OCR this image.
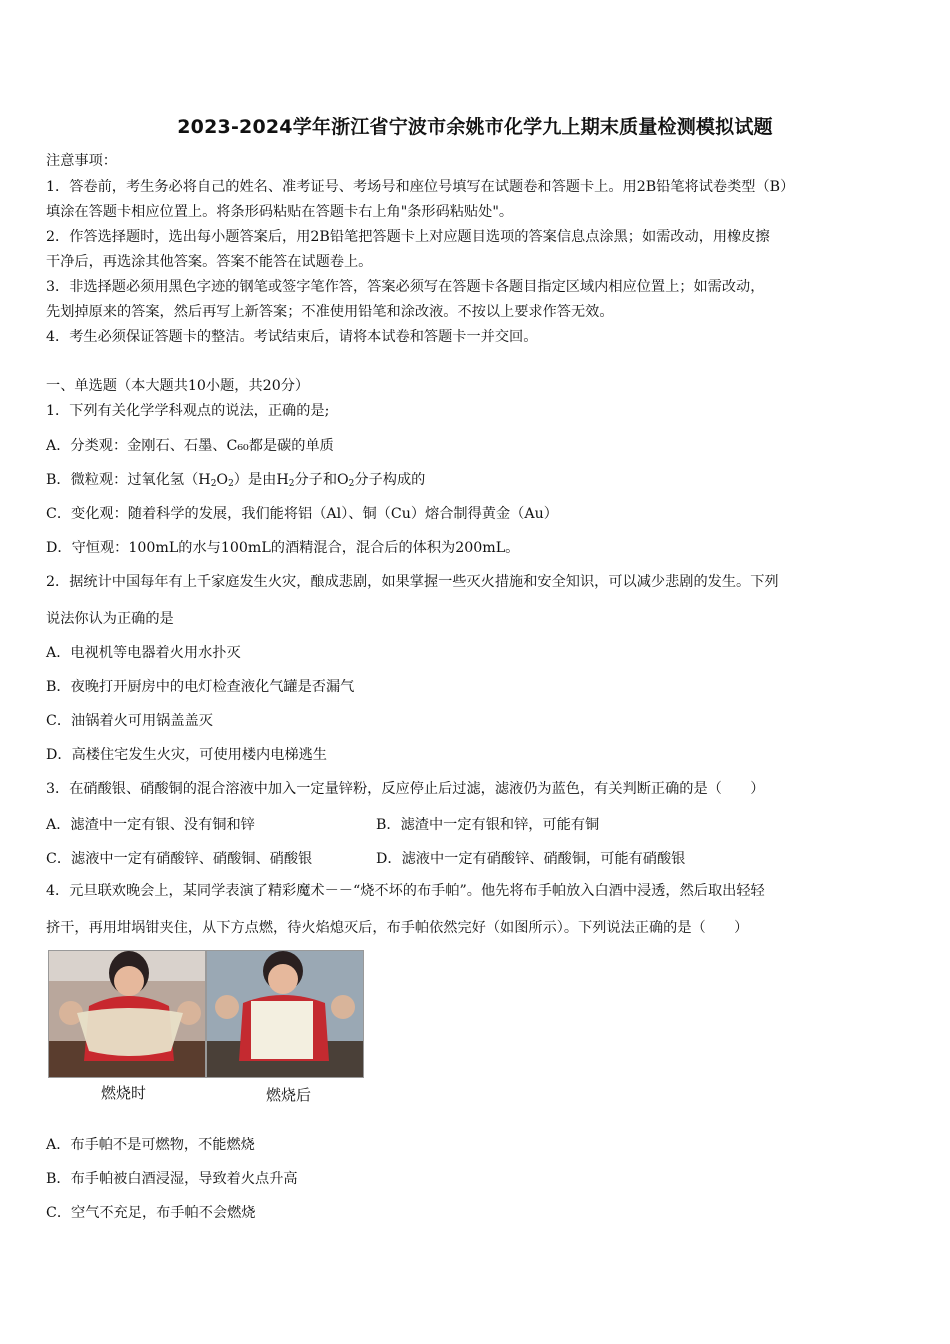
2023-2024学年浙江省宁波市余姚市化学九上期末质量检测模拟试题
注意事项：
1．答卷前，考生务必将自己的姓名、准考证号、考场号和座位号填写在试题卷和答题卡上。用2B铅笔将试卷类型（B）
填涂在答题卡相应位置上。将条形码粘贴在答题卡右上角"条形码粘贴处"。
2．作答选择题时，选出每小题答案后，用2B铅笔把答题卡上对应题目选项的答案信息点涂黑；如需改动，用橡皮擦
干净后，再选涂其他答案。答案不能答在试题卷上。
3．非选择题必须用黑色字迹的钢笔或签字笔作答，答案必须写在答题卡各题目指定区域内相应位置上；如需改动，
先划掉原来的答案，然后再写上新答案；不准使用铅笔和涂改液。不按以上要求作答无效。
4．考生必须保证答题卡的整洁。考试结束后，请将本试卷和答题卡一并交回。
一、单选题（本大题共10小题，共20分）
1．下列有关化学学科观点的说法，正确的是;
A．分类观：金刚石、石墨、C₆₀都是碳的单质
B．微粒观：过氧化氢$(H_2O_2)$是由$H_2$分子和$O_2$分子构成的
C．变化观：随着科学的发展，我们能将铝（Al）、铜（Cu）熔合制得黄金（Au）
D．守恒观：100mL的水与100mL的酒精混合，混合后的体积为200mL。
2．据统计中国每年有上千家庭发生火灾，酿成悲剧，如果掌握一些灭火措施和安全知识，可以减少悲剧的发生。下列
说法你认为正确的是
A．电视机等电器着火用水扑灭
B．夜晚打开厨房中的电灯检查液化气罐是否漏气
C．油锅着火可用锅盖盖灭
D．高楼住宅发生火灾，可使用楼内电梯逃生
3．在硝酸银、硝酸铜的混合溶液中加入一定量锌粉，反应停止后过滤，滤液仍为蓝色，有关判断正确的是（　　）
A．滤渣中一定有银、没有铜和锌	B．滤渣中一定有银和锌，可能有铜
C．滤液中一定有硝酸锌、硝酸铜、硝酸银	D．滤液中一定有硝酸锌、硝酸铜，可能有硝酸银
4．元旦联欢晚会上，某同学表演了精彩魔术－－“烧不坏的布手帕”。他先将布手帕放入白酒中浸透，然后取出轻轻
挤干，再用坩埚钳夹住，从下方点燃，待火焰熄灭后，布手帕依然完好（如图所示）。下列说法正确的是（　　）
燃烧时	燃烧后
A．布手帕不是可燃物，不能燃烧
B．布手帕被白酒浸湿，导致着火点升高
C．空气不充足，布手帕不会燃烧
